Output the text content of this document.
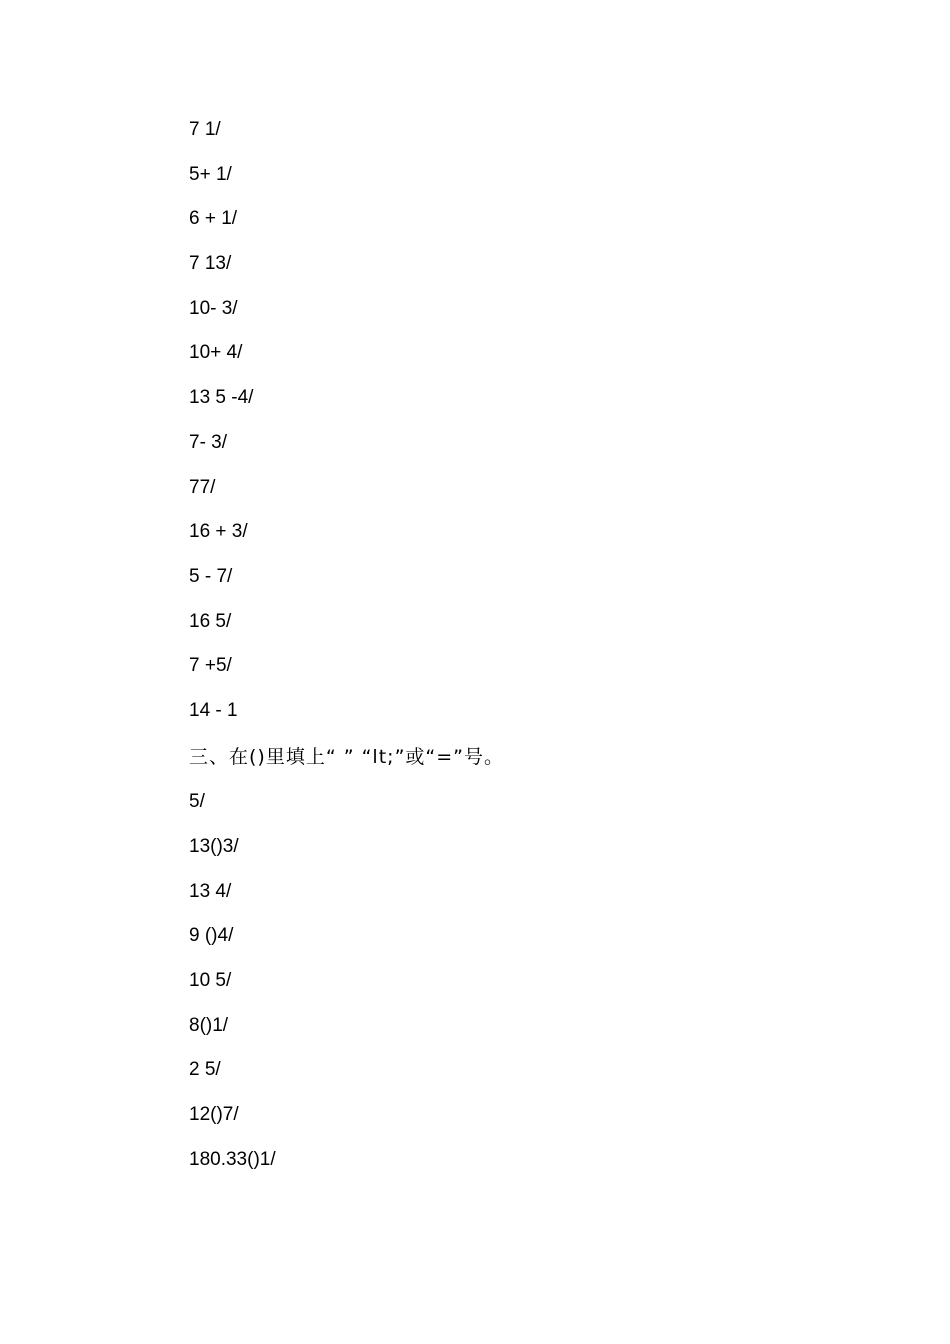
7 1/
5+ 1/
6 + 1/
7 13/
10- 3/
10+ 4/
13 5 -4/
7- 3/
77/
16 + 3/
5 - 7/
16 5/
7 +5/
14 - 1
三、在()里填上“ ” “lt;”或“=”号。
5/
13()3/
13 4/
9 ()4/
10 5/
8()1/
2 5/
12()7/
180.33()1/
